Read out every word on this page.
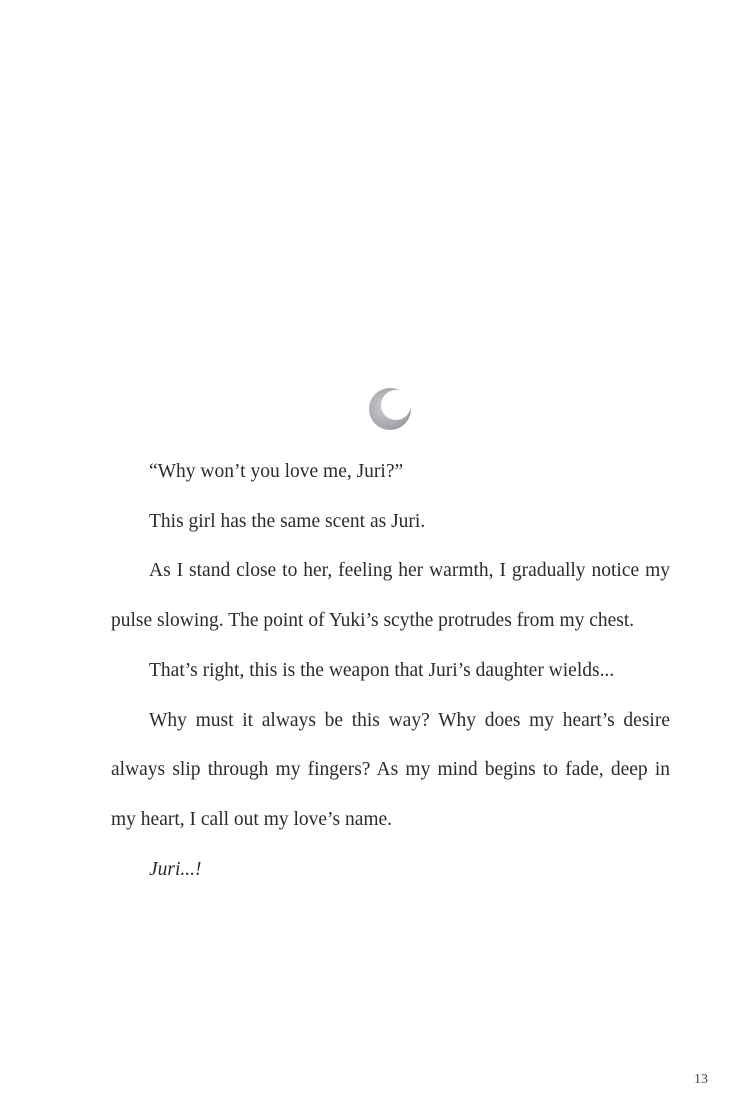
“Why won’t you love me, Juri?”

This girl has the same scent as Juri.

As I stand close to her, feeling her warmth, I gradually notice my pulse slowing. The point of Yuki’s scythe protrudes from my chest.

That’s right, this is the weapon that Juri’s daughter wields...

Why must it always be this way? Why does my heart’s desire always slip through my fingers? As my mind begins to fade, deep in my heart, I call out my love’s name.

Juri...!

13
